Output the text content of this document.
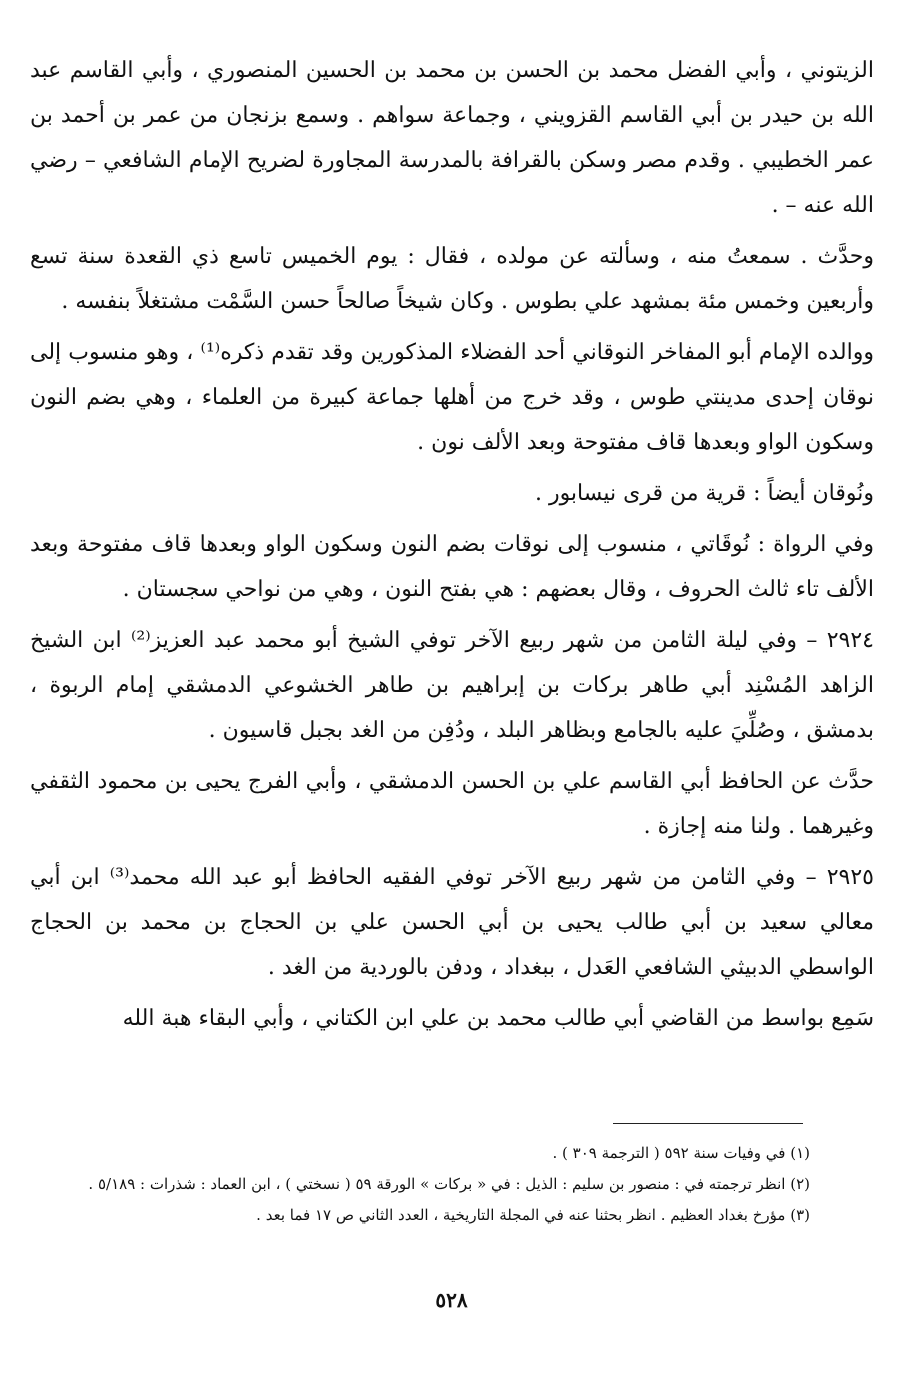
الزيتوني ، وأبي الفضل محمد بن الحسن بن محمد بن الحسين المنصوري ، وأبي القاسم عبد الله بن حيدر بن أبي القاسم القزويني ، وجماعة سواهم . وسمع بزنجان من عمر بن أحمد بن عمر الخطيبي . وقدم مصر وسكن بالقرافة بالمدرسة المجاورة لضريح الإمام الشافعي – رضي الله عنه – .

وحدَّث . سمعتُ منه ، وسألته عن مولده ، فقال : يوم الخميس تاسع ذي القعدة سنة تسع وأربعين وخمس مئة بمشهد علي بطوس . وكان شيخاً صالحاً حسن السَّمْت مشتغلاً بنفسه .

ووالده الإمام أبو المفاخر النوقاني أحد الفضلاء المذكورين وقد تقدم ذكره⁽¹⁾ ، وهو منسوب إلى نوقان إحدى مدينتي طوس ، وقد خرج من أهلها جماعة كبيرة من العلماء ، وهي بضم النون وسكون الواو وبعدها قاف مفتوحة وبعد الألف نون .

ونُوقان أيضاً : قرية من قرى نيسابور .

وفي الرواة : نُوقَاتي ، منسوب إلى نوقات بضم النون وسكون الواو وبعدها قاف مفتوحة وبعد الألف تاء ثالث الحروف ، وقال بعضهم : هي بفتح النون ، وهي من نواحي سجستان .

٢٩٢٤ – وفي ليلة الثامن من شهر ربيع الآخر توفي الشيخ أبو محمد عبد العزيز⁽²⁾ ابن الشيخ الزاهد المُسْنِد أبي طاهر بركات بن إبراهيم بن طاهر الخشوعي الدمشقي إمام الربوة ، بدمشق ، وصُلِّيَ عليه بالجامع وبظاهر البلد ، ودُفِن من الغد بجبل قاسيون .

حدَّث عن الحافظ أبي القاسم علي بن الحسن الدمشقي ، وأبي الفرج يحيى بن محمود الثقفي وغيرهما . ولنا منه إجازة .

٢٩٢٥ – وفي الثامن من شهر ربيع الآخر توفي الفقيه الحافظ أبو عبد الله محمد⁽³⁾ ابن أبي معالي سعيد بن أبي طالب يحيى بن أبي الحسن علي بن الحجاج بن محمد بن الحجاج الواسطي الدبيثي الشافعي العَدل ، ببغداد ، ودفن بالوردية من الغد .

سَمِع بواسط من القاضي أبي طالب محمد بن علي ابن الكتاني ، وأبي البقاء هبة الله

(١) في وفيات سنة ٥٩٢ ( الترجمة ٣٠٩ ) .

(٢) انظر ترجمته في : منصور بن سليم : الذيل : في « بركات » الورقة ٥٩ ( نسختي ) ، ابن العماد : شذرات : ٥/١٨٩ .

(٣) مؤرخ بغداد العظيم . انظر بحثنا عنه في المجلة التاريخية ، العدد الثاني ص ١٧ فما بعد .

٥٢٨
